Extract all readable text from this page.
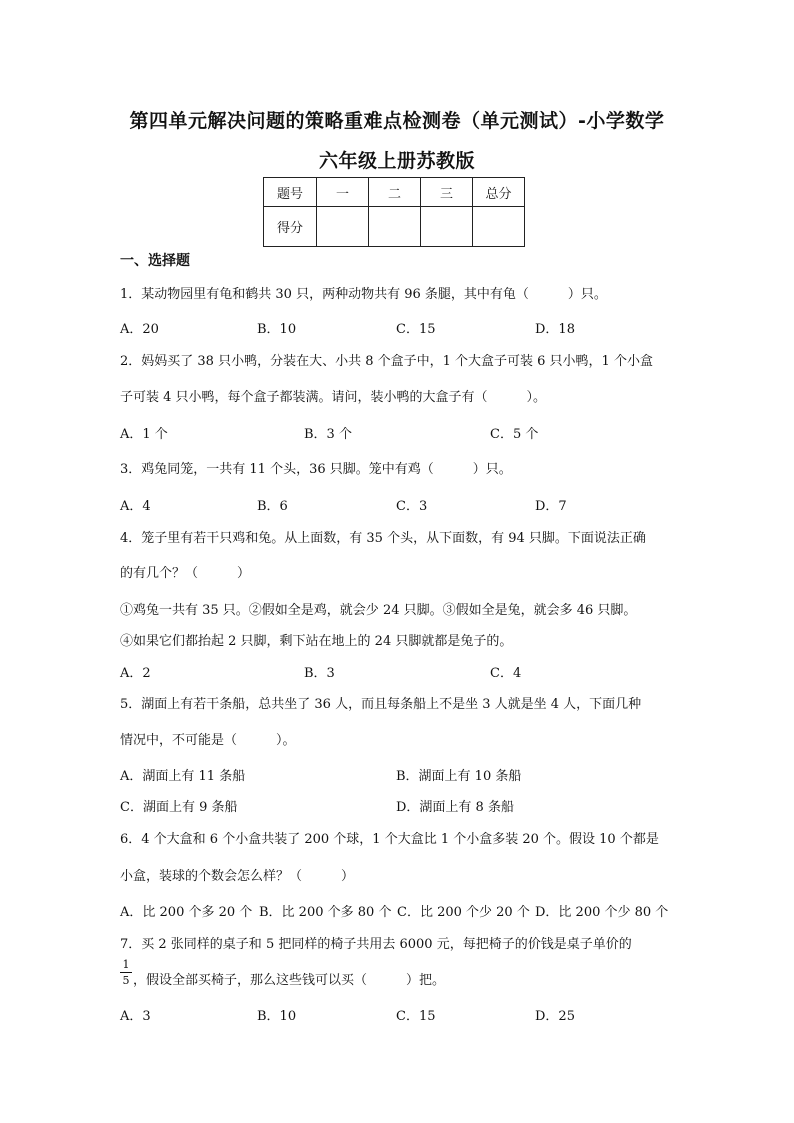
第四单元解决问题的策略重难点检测卷（单元测试）-小学数学
六年级上册苏教版
题号	一	二	三	总分
得分				
一、选择题
1．某动物园里有龟和鹤共 30 只，两种动物共有 96 条腿，其中有龟（　　　）只。
A．20	B．10	C．15	D．18
2．妈妈买了 38 只小鸭，分装在大、小共 8 个盒子中，1 个大盒子可装 6 只小鸭，1 个小盒
子可装 4 只小鸭，每个盒子都装满。请问，装小鸭的大盒子有（　　　）。
A．1 个	B．3 个	C．5 个
3．鸡兔同笼，一共有 11 个头，36 只脚。笼中有鸡（　　　）只。
A．4	B．6	C．3	D．7
4．笼子里有若干只鸡和兔。从上面数，有 35 个头，从下面数，有 94 只脚。下面说法正确
的有几个？（　　　）
①鸡兔一共有 35 只。②假如全是鸡，就会少 24 只脚。③假如全是兔，就会多 46 只脚。
④如果它们都抬起 2 只脚，剩下站在地上的 24 只脚就都是兔子的。
A．2	B．3	C．4
5．湖面上有若干条船，总共坐了 36 人，而且每条船上不是坐 3 人就是坐 4 人，下面几种
情况中，不可能是（　　　）。
A．湖面上有 11 条船	B．湖面上有 10 条船
C．湖面上有 9 条船	D．湖面上有 8 条船
6．4 个大盒和 6 个小盒共装了 200 个球，1 个大盒比 1 个小盒多装 20 个。假设 10 个都是
小盒，装球的个数会怎么样？（　　　）
A．比 200 个多 20 个 B．比 200 个多 80 个 C．比 200 个少 20 个 D．比 200 个少 80 个
7．买 2 张同样的桌子和 5 把同样的椅子共用去 6000 元，每把椅子的价钱是桌子单价的
1
5 ，假设全部买椅子，那么这些钱可以买（　　　）把。
A．3	B．10	C．15	D．25
